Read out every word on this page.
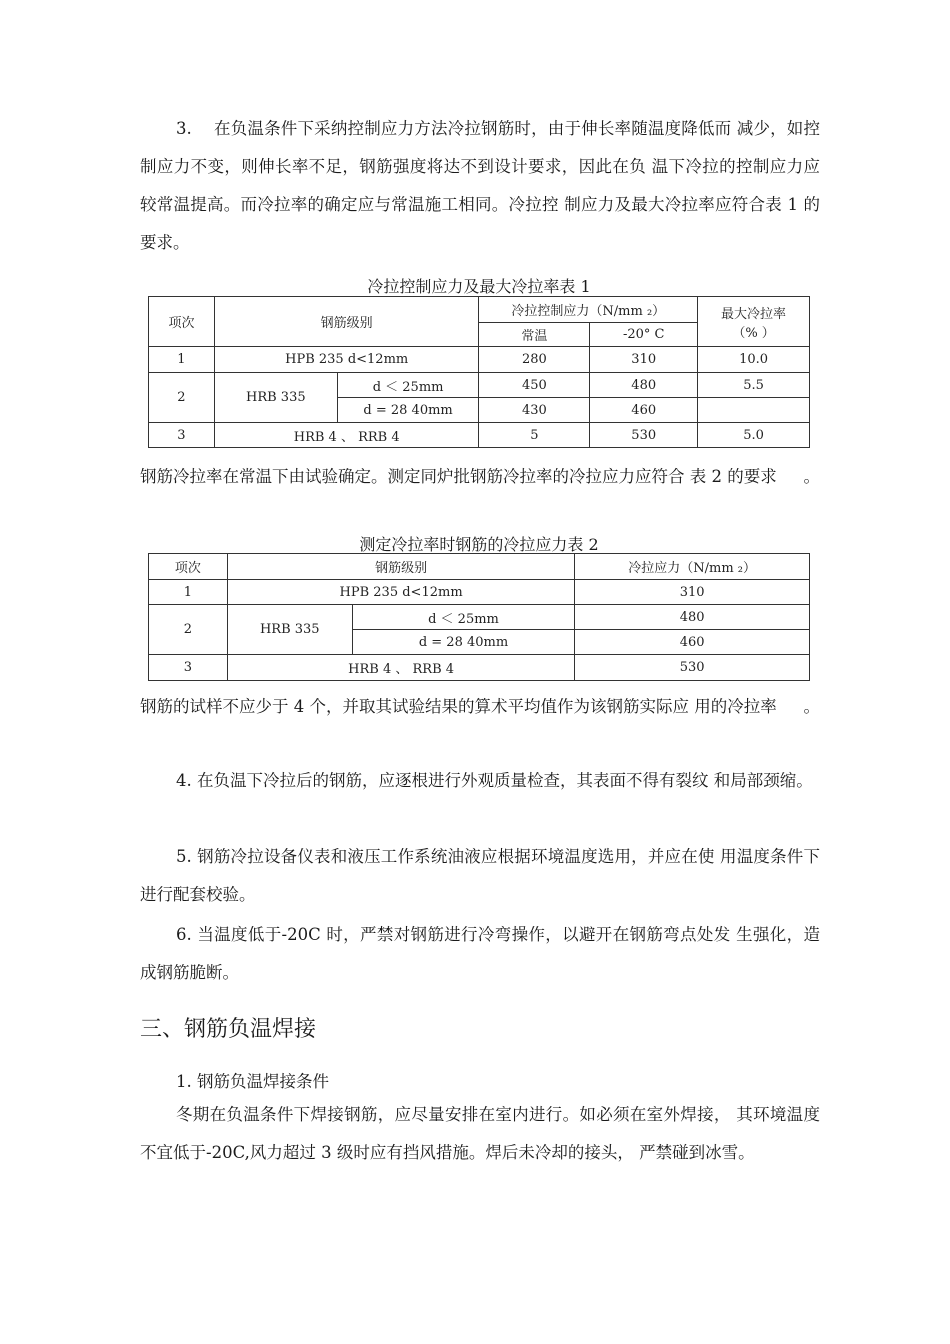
3.　 在负温条件下采纳控制应力方法冷拉钢筋时，由于伸长率随温度降低而 减少，如控制应力不变，则伸长率不足，钢筋强度将达不到设计要求，因此在负 温下冷拉的控制应力应较常温提高。而冷拉率的确定应与常温施工相同。冷拉控 制应力及最大冷拉率应符合表 1 的要求。

冷拉控制应力及最大冷拉率表 1

项次	钢筋级别		冷拉控制应力（N/mm ₂）		最大冷拉率
（% ）

			常温	-20° C	
1	HPB 235 d<12mm		280	310	10.0
2	HRB 335	d ＜ 25mm	450	480	5.5
		d = 28 40mm	430	460	
3	HRB 4 、 RRB 4		5	530	5.0

钢筋冷拉率在常温下由试验确定。测定同炉批钢筋冷拉率的冷拉应力应符合 表 2 的要求 。

测定冷拉率时钢筋的冷拉应力表 2

项次	钢筋级别		冷拉应力（N/mm ₂）
1	HPB 235 d<12mm		310
2	HRB 335	d ＜ 25mm	480
		d = 28 40mm	460
3	HRB 4 、 RRB 4		530

钢筋的试样不应少于 4 个，并取其试验结果的算术平均值作为该钢筋实际应 用的冷拉率 。

4. 在负温下冷拉后的钢筋，应逐根进行外观质量检查，其表面不得有裂纹 和局部颈缩。

5. 钢筋冷拉设备仪表和液压工作系统油液应根据环境温度选用，并应在使 用温度条件下进行配套校验。

6. 当温度低于-20C 时，严禁对钢筋进行冷弯操作，以避开在钢筋弯点处发 生强化，造成钢筋脆断。

三、钢筋负温焊接

1. 钢筋负温焊接条件

冬期在负温条件下焊接钢筋，应尽量安排在室内进行。如必须在室外焊接， 其环境温度不宜低于-20C,风力超过 3 级时应有挡风措施。焊后未冷却的接头， 严禁碰到冰雪。
